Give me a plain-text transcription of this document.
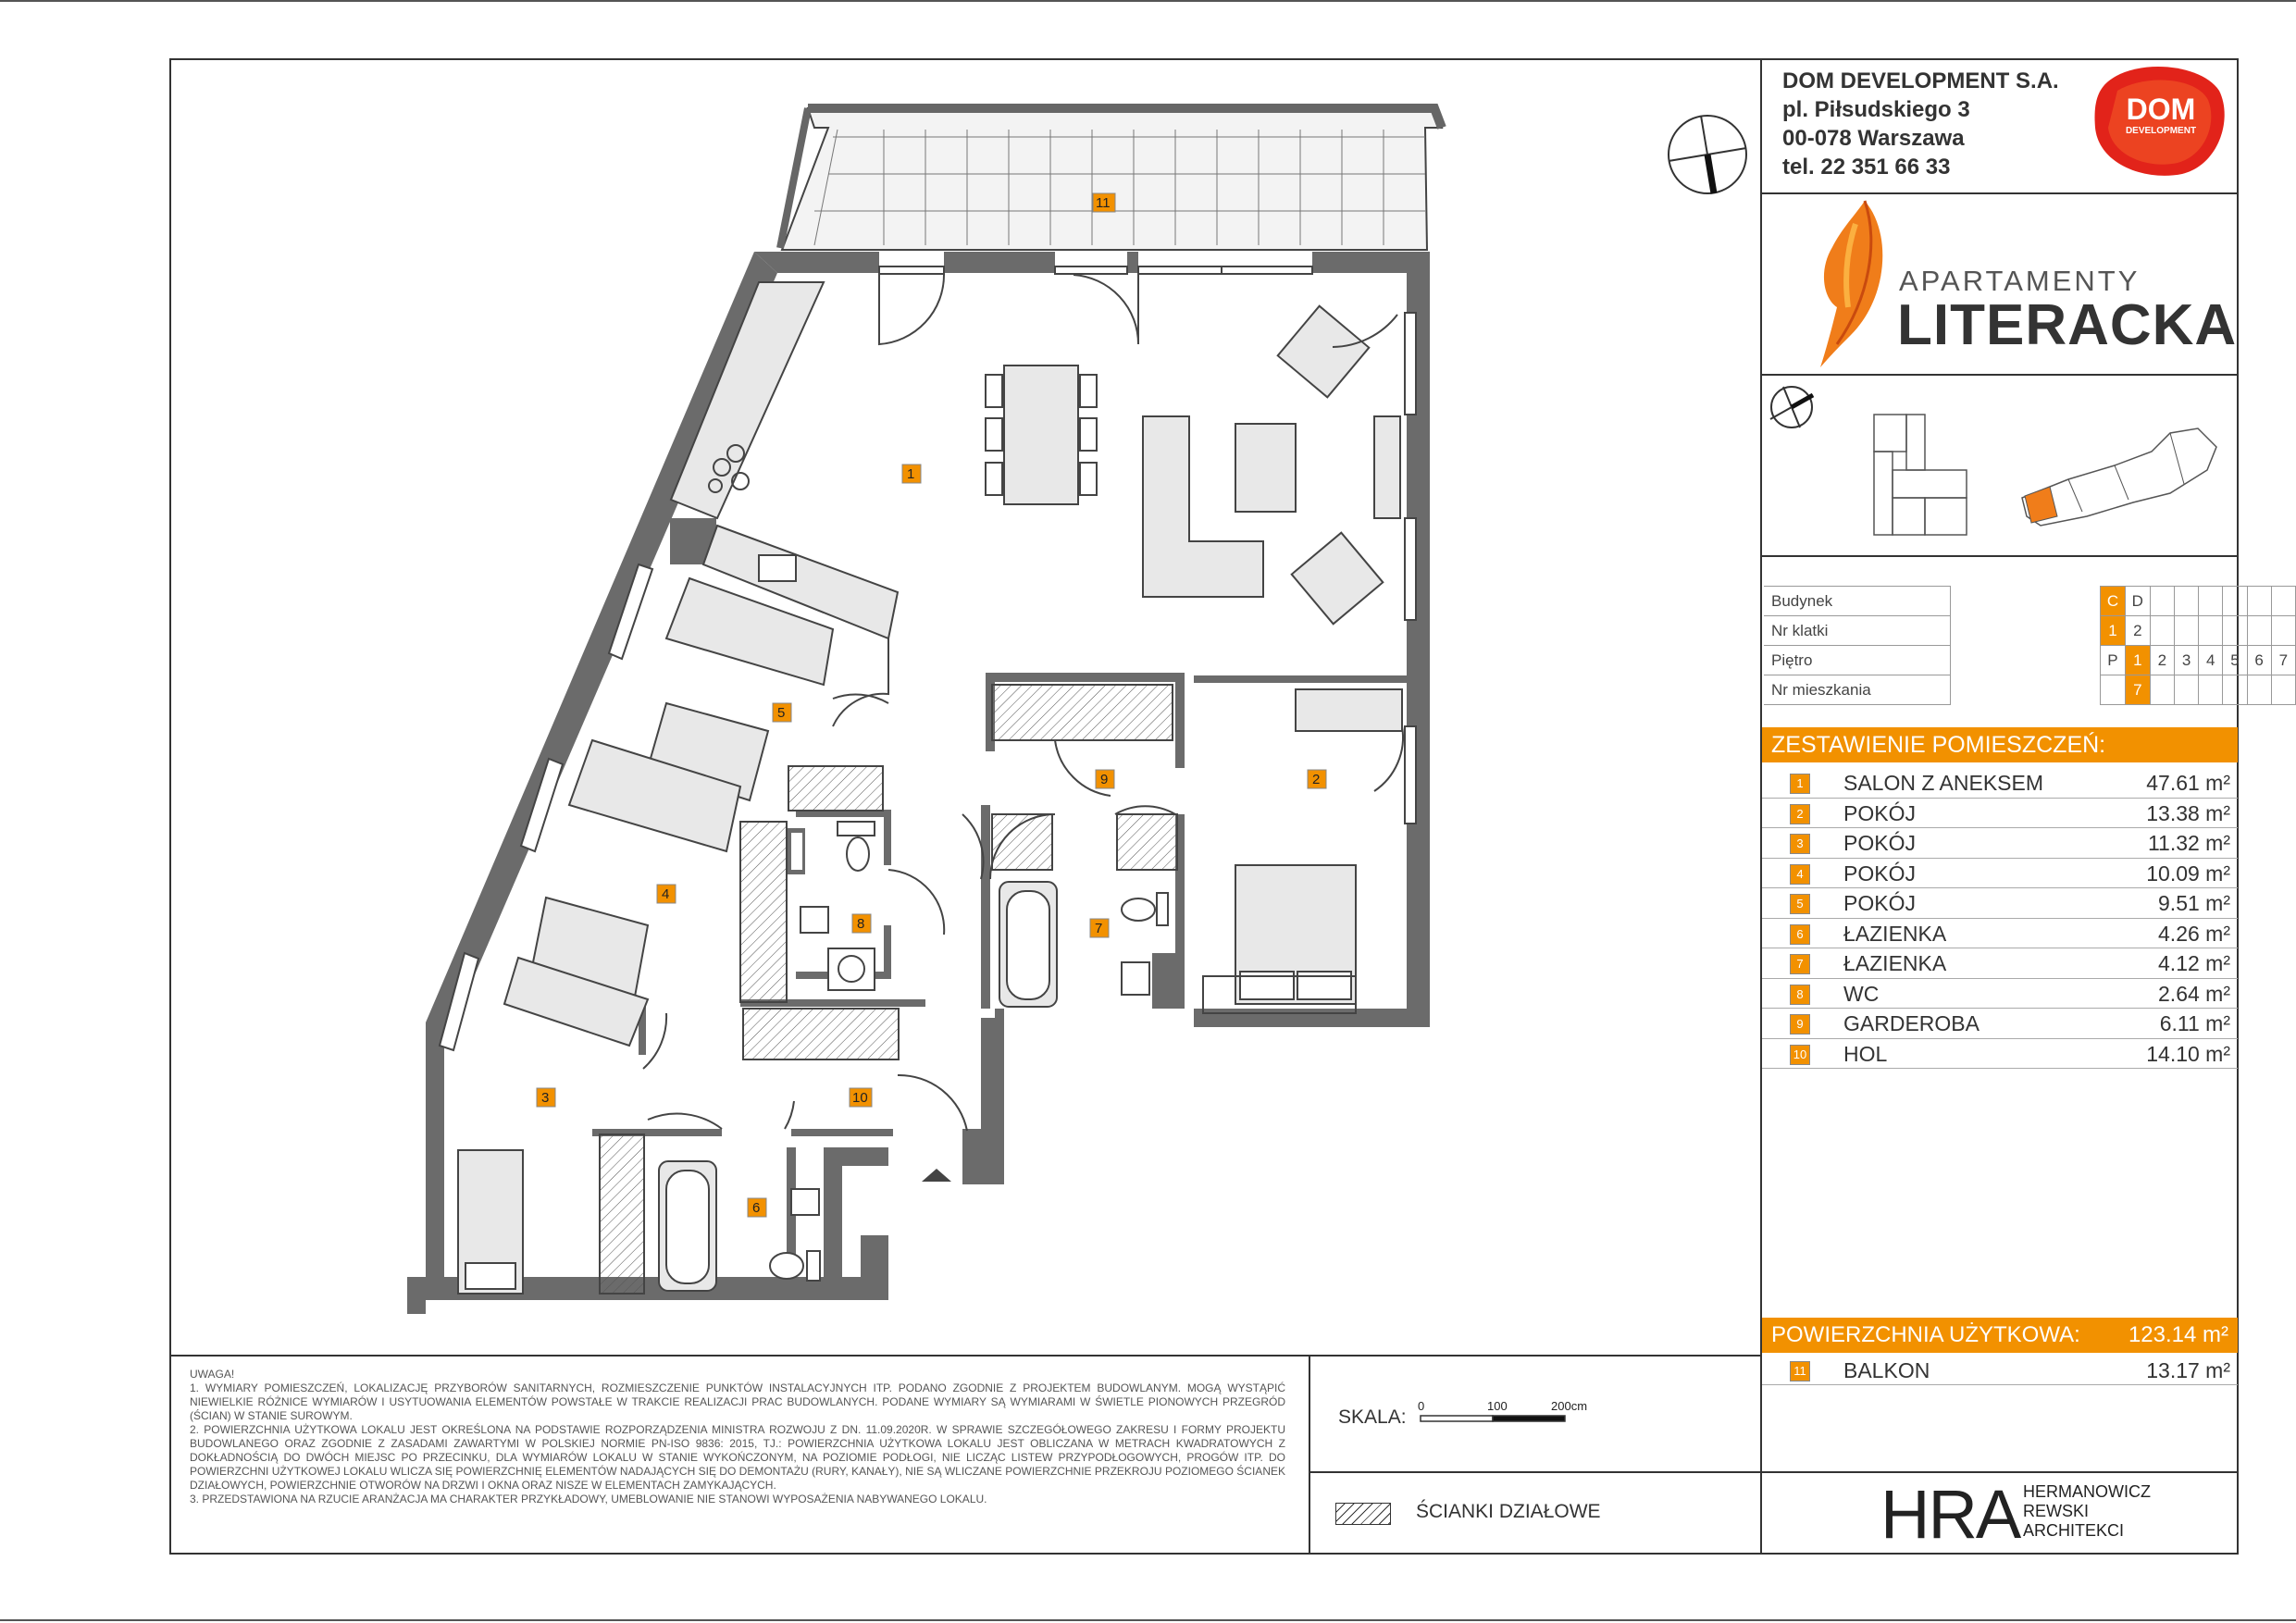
DOM DEVELOPMENT S.A.
pl. Piłsudskiego 3
00-078 Warszawa
tel. 22 351 66 33
DOM
DEVELOPMENT
APARTAMENTY
LITERACKA
Budynek		C	D						
Nr klatki		1	2						
Piętro		P	1	2	3	4	5	6	7
Nr mieszkania			7						
ZESTAWIENIE POMIESZCZEŃ:
1	SALON Z ANEKSEM	47.61 m²
2	POKÓJ	13.38 m²
3	POKÓJ	11.32 m²
4	POKÓJ	10.09 m²
5	POKÓJ	9.51 m²
6	ŁAZIENKA	4.26 m²
7	ŁAZIENKA	4.12 m²
8	WC	2.64 m²
9	GARDEROBA	6.11 m²
10 HOL	14.10 m²
POWIERZCHNIA UŻYTKOWA: 123.14 m²
11 BALKON	13.17 m²

UWAGA!

1. WYMIARY POMIESZCZEŃ, LOKALIZACJĘ PRZYBORÓW SANITARNYCH, ROZMIESZCZENIE PUNKTÓW INSTALACYJNYCH ITP. PODANO ZGODNIE Z PROJEKTEM BUDOWLANYM. MOGĄ WYSTĄPIĆ NIEWIELKIE RÓŻNICE WYMIARÓW I USYTUOWANIA ELEMENTÓW POWSTAŁE W TRAKCIE REALIZACJI PRAC BUDOWLANYCH. PODANE WYMIARY SĄ WYMIARAMI W ŚWIETLE PIONOWYCH PRZEGRÓD (ŚCIAN) W STANIE SUROWYM.

2. POWIERZCHNIA UŻYTKOWA LOKALU JEST OKREŚLONA NA PODSTAWIE ROZPORZĄDZENIA MINISTRA ROZWOJU Z DN. 11.09.2020R. W SPRAWIE SZCZEGÓŁOWEGO ZAKRESU I FORMY PROJEKTU BUDOWLANEGO ORAZ ZGODNIE Z ZASADAMI ZAWARTYMI W POLSKIEJ NORMIE PN-ISO 9836: 2015, TJ.: POWIERZCHNIA UŻYTKOWA LOKALU JEST OBLICZANA W METRACH KWADRATOWYCH Z DOKŁADNOŚCIĄ DO DWÓCH MIEJSC PO PRZECINKU, DLA WYMIARÓW LOKALU W STANIE WYKOŃCZONYM, NA POZIOMIE PODŁOGI, NIE LICZĄC LISTEW PRZYPODŁOGOWYCH, PROGÓW ITP. DO POWIERZCHNI UŻYTKOWEJ LOKALU WLICZA SIĘ POWIERZCHNIĘ ELEMENTÓW NADAJĄCYCH SIĘ DO DEMONTAŻU (RURY, KANAŁY), NIE SĄ WLICZANE POWIERZCHNIE PRZEKROJU POZIOMEGO ŚCIANEK DZIAŁOWYCH, POWIERZCHNIE OTWORÓW NA DRZWI I OKNA ORAZ NISZE W ELEMENTACH ZAMYKAJĄCYCH.

3. PRZEDSTAWIONA NA RZUCIE ARANŻACJA MA CHARAKTER PRZYKŁADOWY, UMEBLOWANIE NIE STANOWI WYPOSAŻENIA NABYWANEGO LOKALU.

SKALA:
0	100	200cm
ŚCIANKI DZIAŁOWE	HRA HERMANOWICZ
REWSKI
ARCHITEKCI
1
2
3
4
5
6
7
8
9
10
11
